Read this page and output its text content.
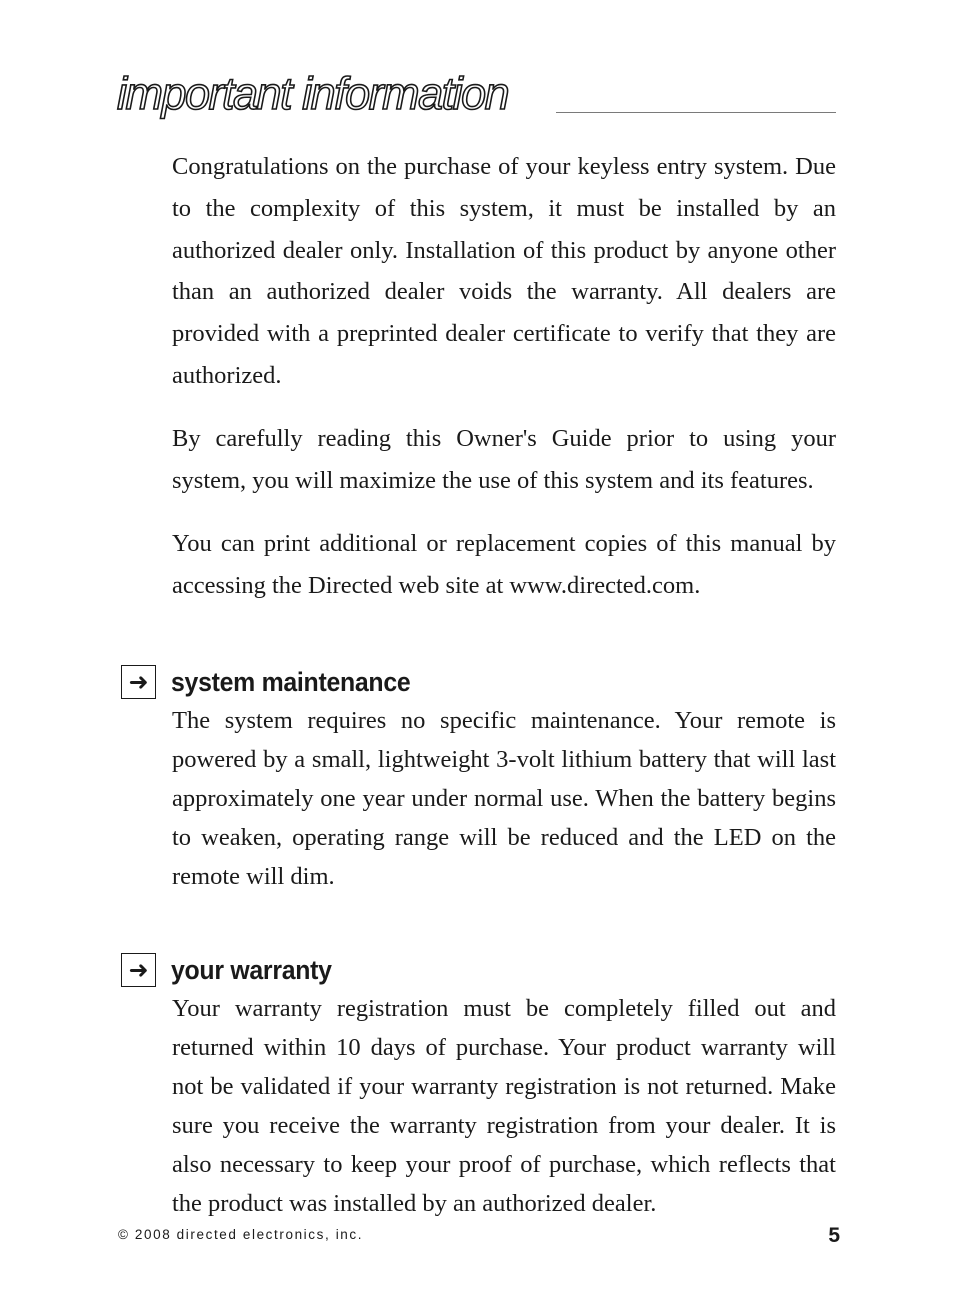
important information

Congratulations on the purchase of your keyless entry system. Due to the complexity of this system, it must be installed by an authorized dealer only. Installation of this product by anyone other than an authorized dealer voids the warranty. All dealers are provided with a preprinted dealer certificate to verify that they are authorized.

By carefully reading this Owner's Guide prior to using your system, you will maximize the use of this system and its features.

You can print additional or replacement copies of this manual by accessing the Directed web site at www.directed.com.

➜ system maintenance

The system requires no specific maintenance. Your remote is powered by a small, lightweight 3-volt lithium battery that will last approximately one year under normal use. When the battery begins to weaken, operating range will be reduced and the LED on the remote will dim.

➜ your warranty

Your warranty registration must be completely filled out and returned within 10 days of purchase. Your product warranty will not be validated if your warranty registration is not returned. Make sure you receive the warranty registration from your dealer. It is also necessary to keep your proof of purchase, which reflects that the product was installed by an authorized dealer.

© 2008 directed electronics, inc.	5
